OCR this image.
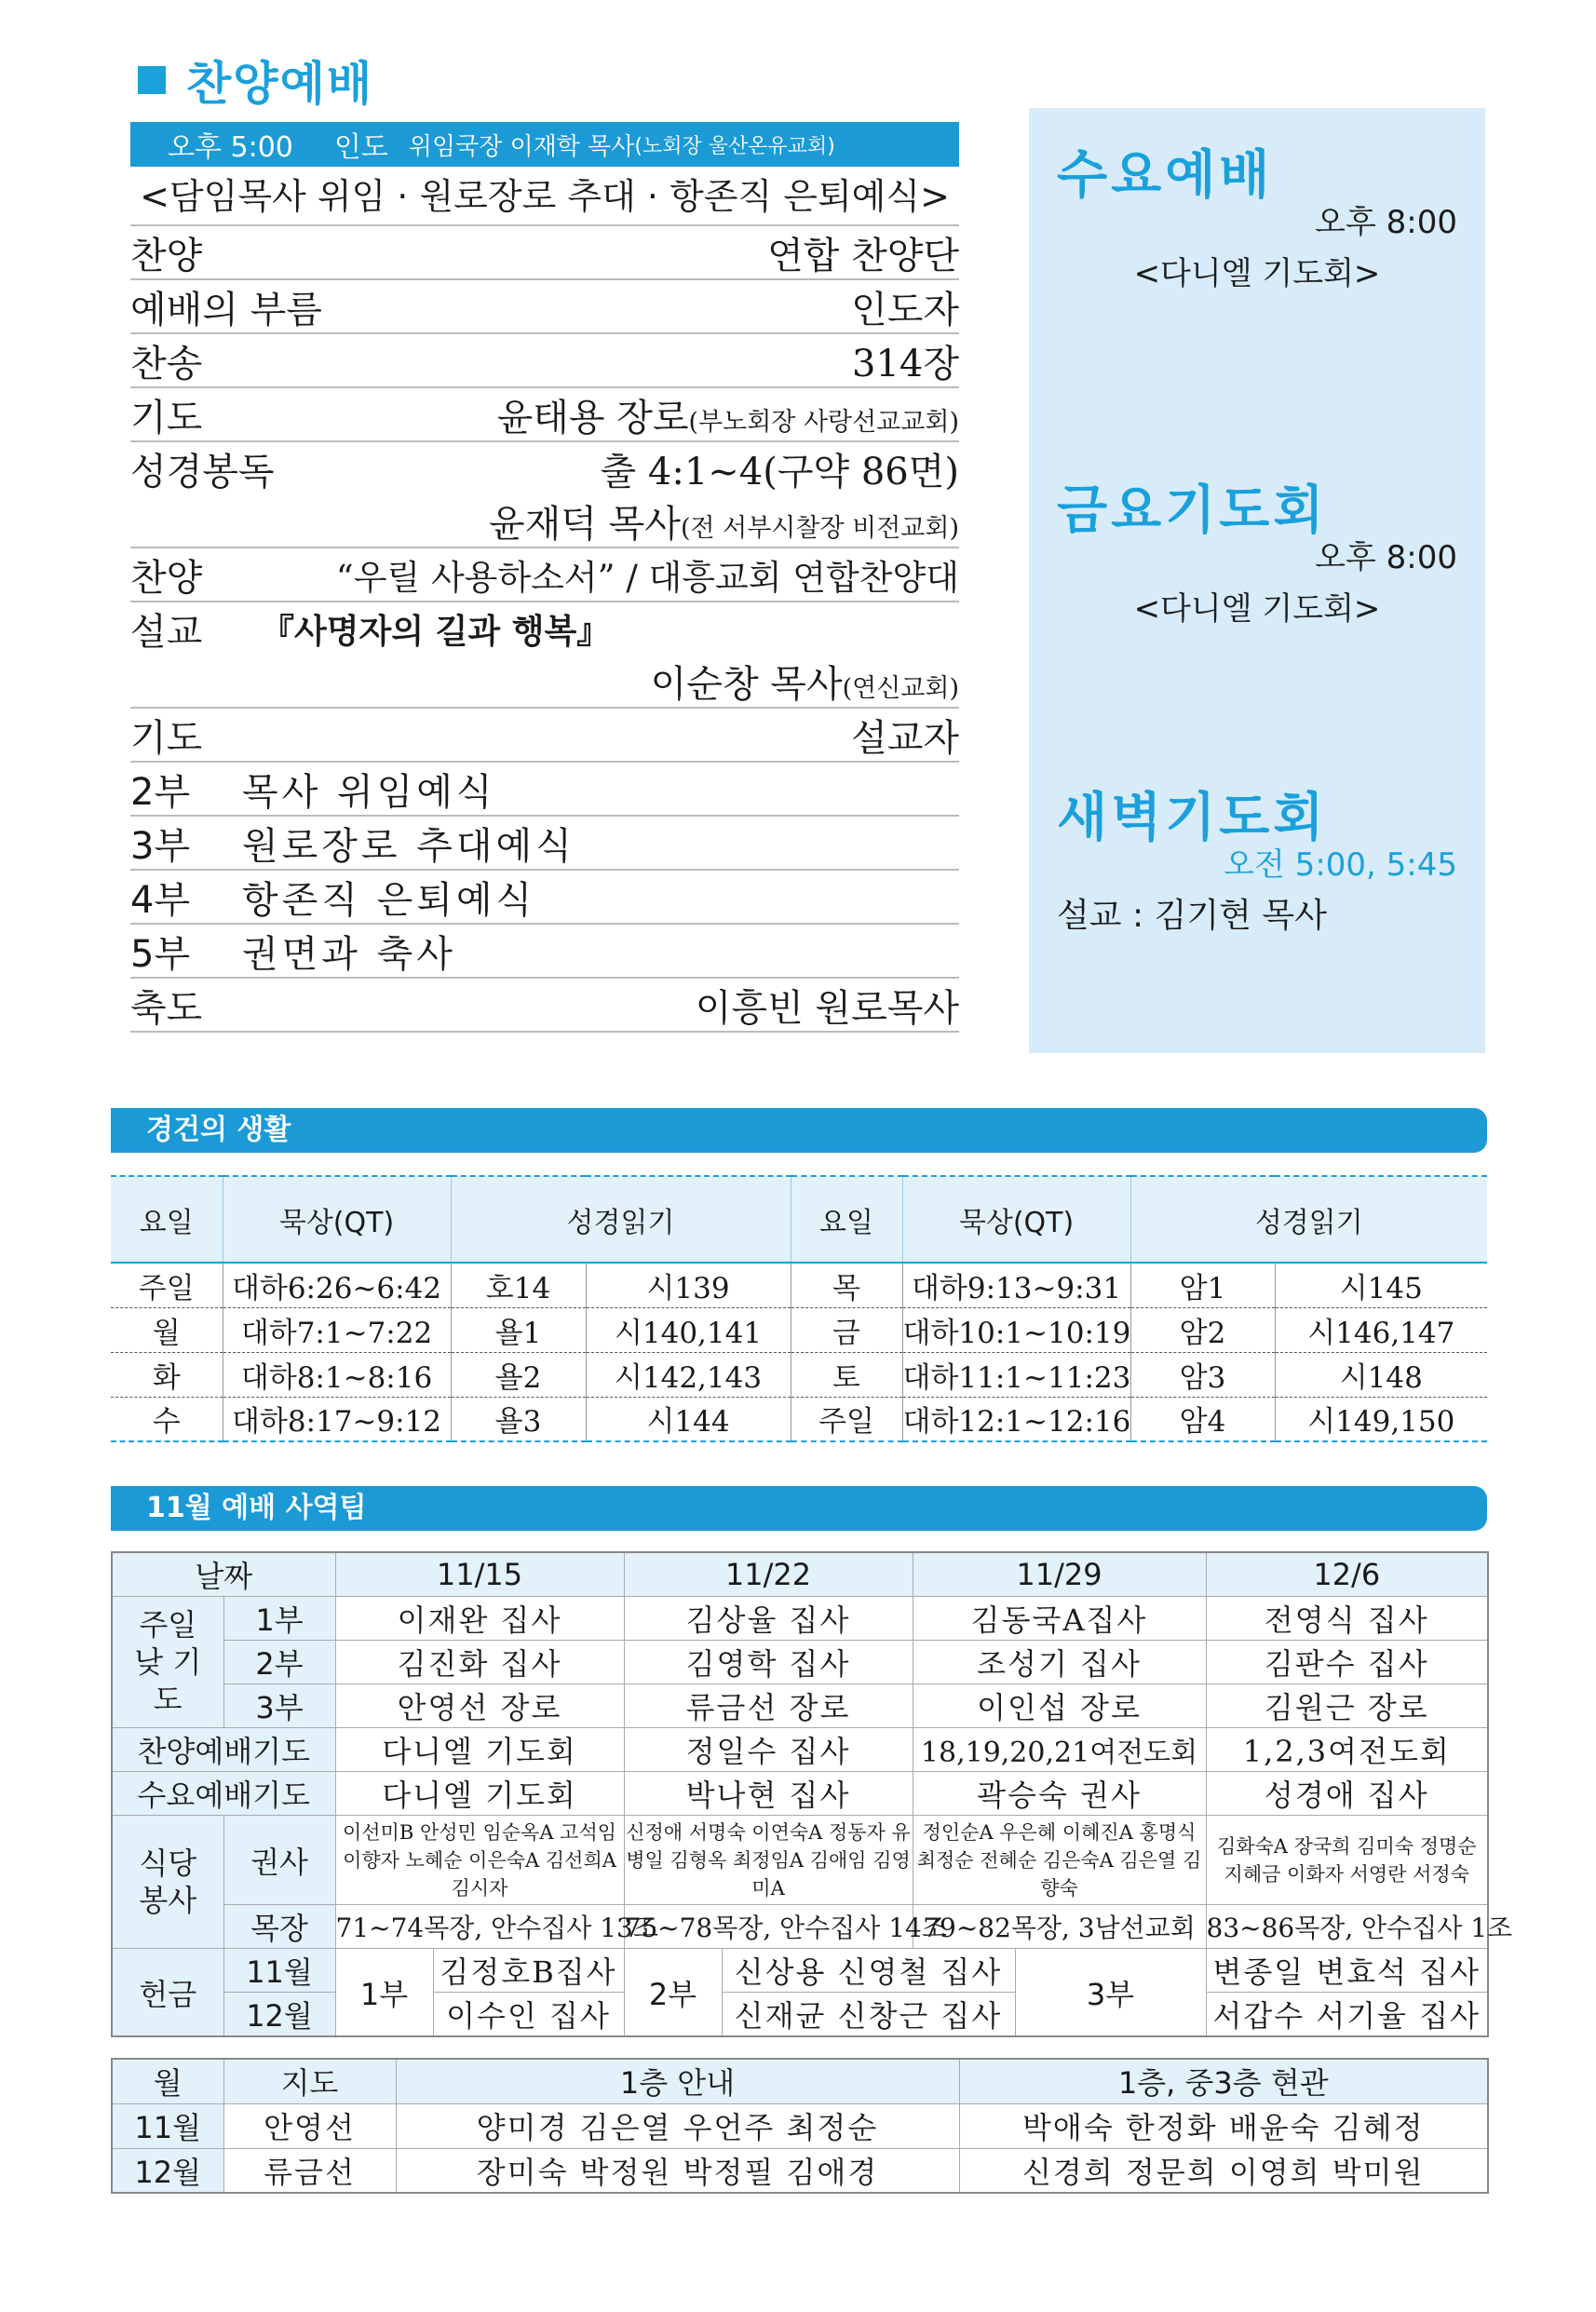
찬양예배
오후 5:00 인도 위임국장 이재학 목사 (노회장 울산온유교회)
<담임목사 위임 · 원로장로 추대 · 항존직 은퇴예식>
찬양	연합 찬양단
예배의 부름	인도자
찬송	314장
기도	윤태용 장로(부노회장 사랑선교교회)
성경봉독	출 4:1~4(구약 86면)
윤재덕 목사(전 서부시찰장 비전교회)
찬양	“우릴 사용하소서” / 대흥교회 연합찬양대
설교	『사명자의 길과 행복』
이순창 목사(연신교회)
기도	설교자
2부	목사 위임예식
3부	원로장로 추대예식
4부	항존직 은퇴예식
5부	권면과 축사
축도	이흥빈 원로목사
수요예배
오후 8:00
<다니엘 기도회>
금요기도회
오후 8:00
<다니엘 기도회>
새벽기도회
오전 5:00, 5:45
설교 : 김기현 목사
경건의 생활
요일	묵상(QT)	성경읽기		요일	묵상(QT)	성경읽기	
주일	대하6:26~6:42	호14	시139	목	대하9:13~9:31	암1	시145
월	대하7:1~7:22	욜1	시140,141	금	대하10:1~10:19	암2	시146,147
화	대하8:1~8:16	욜2	시142,143	토	대하11:1~11:23	암3	시148
수	대하8:17~9:12	욜3	시144	주일	대하12:1~12:16	암4	시149,150
11월 예배 사역팀
날짜		11/15		11/22		11/29		12/6
주일낮 기도	1부	이재완 집사		김상율 집사		김동국A집사		전영식 집사
	2부	김진화 집사		김영학 집사		조성기 집사		김판수 집사
	3부	안영선 장로		류금선 장로		이인섭 장로		김원근 장로
찬양예배기도		다니엘 기도회		정일수 집사		18,19,20,21여전도회		1,2,3여전도회
수요예배기도		다니엘 기도회		박나현 집사		곽승숙 권사		성경애 집사
식당 봉사	권사	이선미B 안성민 임순옥A 고석임 이향자 노혜순 이은숙A 김선희A 김시자		신정애 서명숙 이연숙A 정동자 유병일 김형옥 최정임A 김애임 김영미A		정인순A 우은혜 이혜진A 홍명식 최정순 전혜순 김은숙A 김은열 김향숙		김화숙A 장국희 김미숙 정명순 지혜금 이화자 서영란 서정숙
	목장	71~74목장, 안수집사 13조		75~78목장, 안수집사 14조		79~82목장, 3남선교회		83~86목장, 안수집사 1조
헌금	11월	1부	김정호B집사	2부	신상용 신영철 집사		3부	변종일 변효석 집사
	12월		이수인 집사		신재균 신창근 집사			서갑수 서기율 집사
월	지도	1층 안내	1층, 중3층 현관
11월	안영선	양미경 김은열 우언주 최정순	박애숙 한정화 배윤숙 김혜정
12월	류금선	장미숙 박정원 박정필 김애경	신경희 정문희 이영희 박미원
